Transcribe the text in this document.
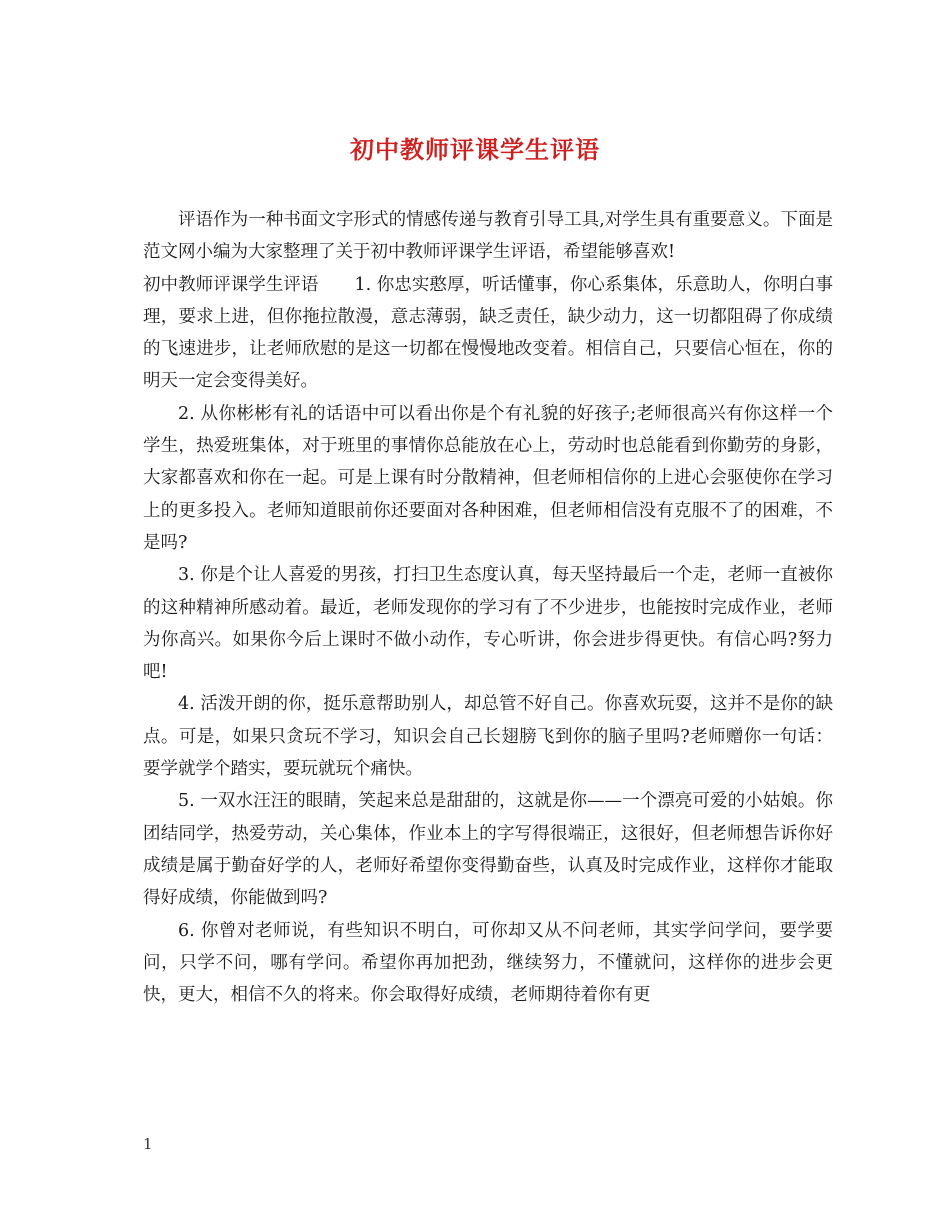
初中教师评课学生评语

评语作为一种书面文字形式的情感传递与教育引导工具,对学生具有重要意义。下面是范文网小编为大家整理了关于初中教师评课学生评语，希望能够喜欢!

初中教师评课学生评语 1. 你忠实憨厚，听话懂事，你心系集体，乐意助人，你明白事理，要求上进，但你拖拉散漫，意志薄弱，缺乏责任，缺少动力，这一切都阻碍了你成绩的飞速进步，让老师欣慰的是这一切都在慢慢地改变着。相信自己，只要信心恒在，你的明天一定会变得美好。

2. 从你彬彬有礼的话语中可以看出你是个有礼貌的好孩子;老师很高兴有你这样一个学生，热爱班集体，对于班里的事情你总能放在心上，劳动时也总能看到你勤劳的身影，大家都喜欢和你在一起。可是上课有时分散精神，但老师相信你的上进心会驱使你在学习上的更多投入。老师知道眼前你还要面对各种困难，但老师相信没有克服不了的困难，不是吗?

3. 你是个让人喜爱的男孩，打扫卫生态度认真，每天坚持最后一个走，老师一直被你的这种精神所感动着。最近，老师发现你的学习有了不少进步，也能按时完成作业，老师为你高兴。如果你今后上课时不做小动作，专心听讲，你会进步得更快。有信心吗?努力吧!

4. 活泼开朗的你，挺乐意帮助别人，却总管不好自己。你喜欢玩耍，这并不是你的缺点。可是，如果只贪玩不学习，知识会自己长翅膀飞到你的脑子里吗?老师赠你一句话：要学就学个踏实，要玩就玩个痛快。

5. 一双水汪汪的眼睛，笑起来总是甜甜的，这就是你——一个漂亮可爱的小姑娘。你团结同学，热爱劳动，关心集体，作业本上的字写得很端正，这很好，但老师想告诉你好成绩是属于勤奋好学的人，老师好希望你变得勤奋些，认真及时完成作业，这样你才能取得好成绩，你能做到吗?

6. 你曾对老师说，有些知识不明白，可你却又从不问老师，其实学问学问，要学要问，只学不问，哪有学问。希望你再加把劲，继续努力，不懂就问，这样你的进步会更快，更大，相信不久的将来。你会取得好成绩，老师期待着你有更

1
